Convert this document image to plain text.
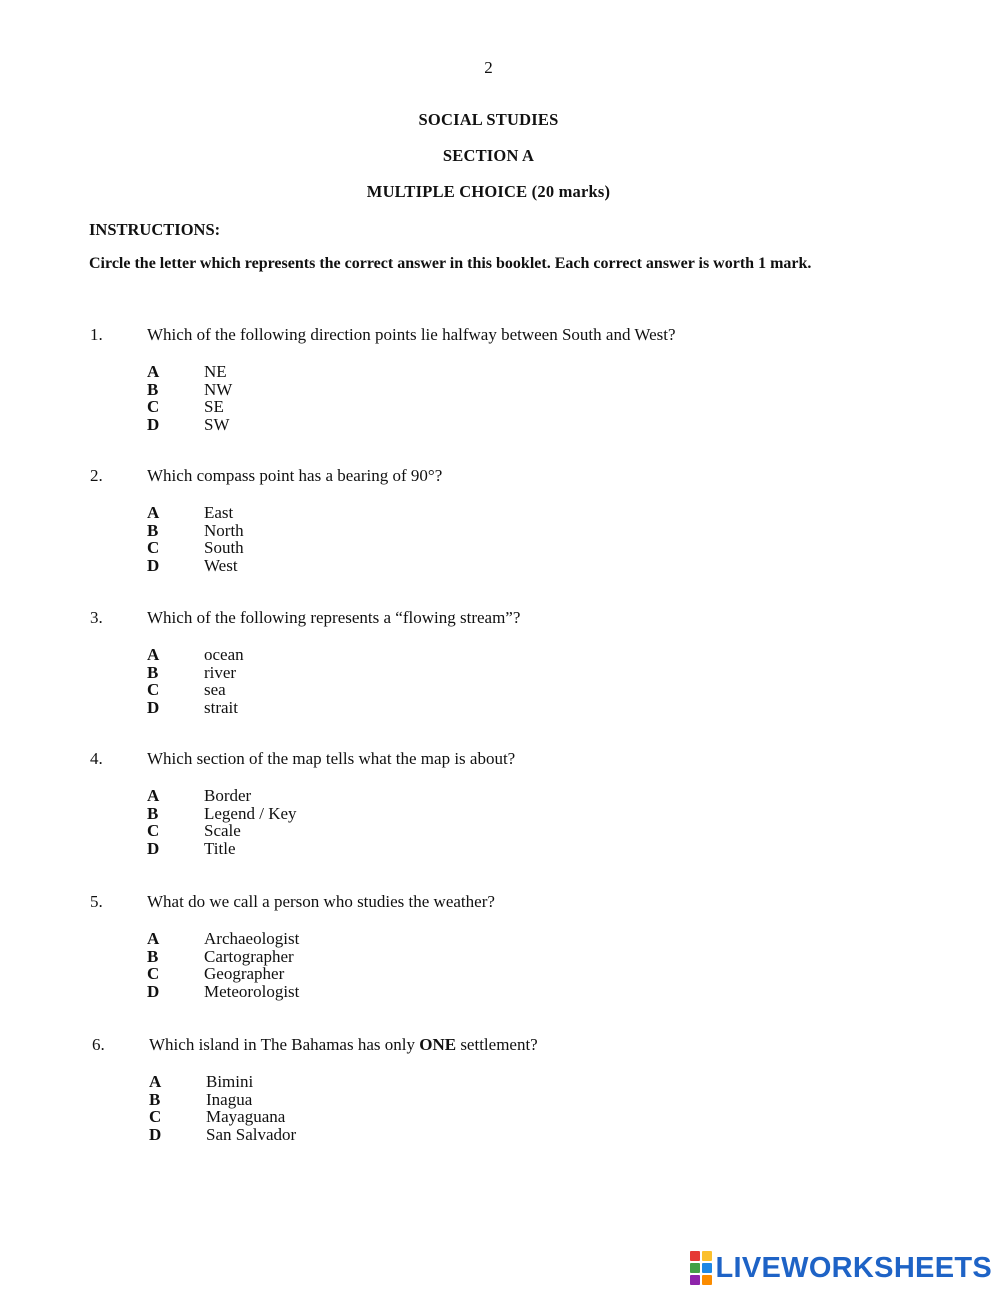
2
SOCIAL STUDIES
SECTION A
MULTIPLE CHOICE (20 marks)
INSTRUCTIONS:
Circle the letter which represents the correct answer in this booklet. Each correct answer is worth 1 mark.
1.	Which of the following direction points lie halfway between South and West?
A	NE
B	NW
C	SE
D	SW
2.	Which compass point has a bearing of 90°?
A	East
B	North
C	South
D	West
3.	Which of the following represents a “flowing stream”?
A	ocean
B	river
C	sea
D	strait
4.	Which section of the map tells what the map is about?
A	Border
B	Legend / Key
C	Scale
D	Title
5.	What do we call a person who studies the weather?
A	Archaeologist
B	Cartographer
C	Geographer
D	Meteorologist
6.	Which island in The Bahamas has only ONE settlement?
A	Bimini
B	Inagua
C	Mayaguana
D	San Salvador
LIVEWORKSHEETS
